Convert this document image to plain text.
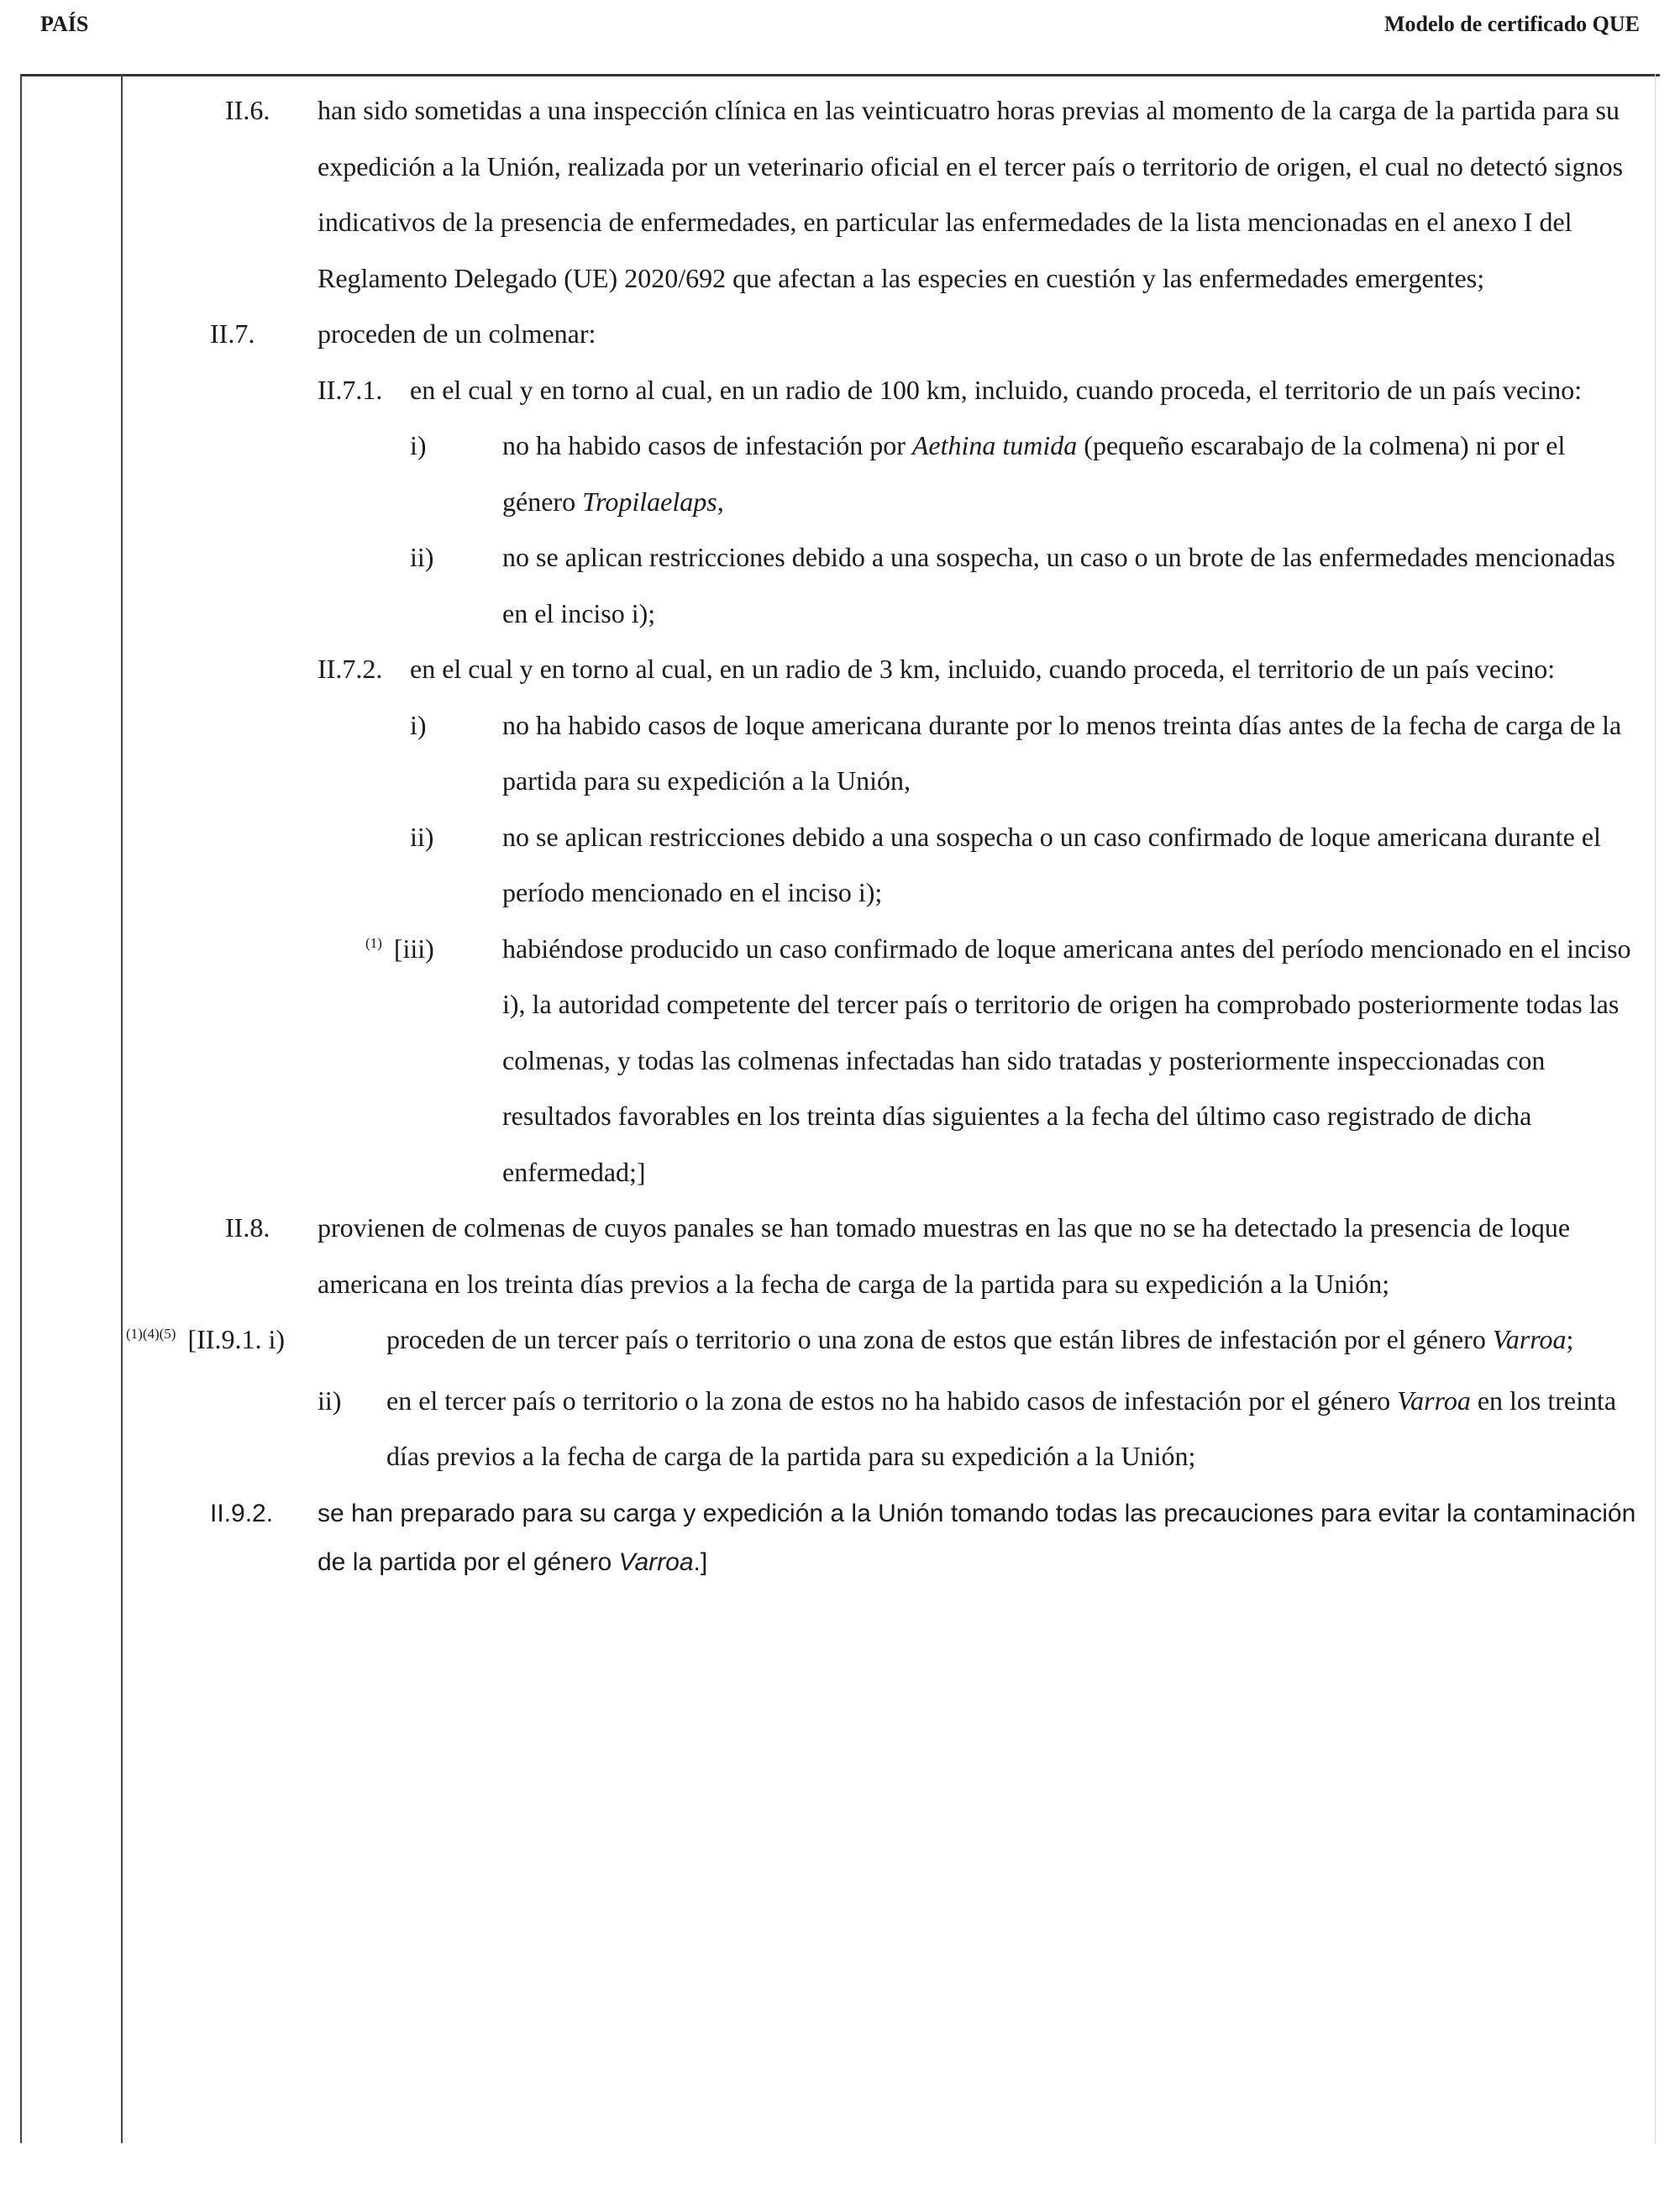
PAÍS	Modelo de certificado QUE
II.6.	han sido sometidas a una inspección clínica en las veinticuatro horas previas al momento de la carga de la partida para su expedición a la Unión, realizada por un veterinario oficial en el tercer país o territorio de origen, el cual no detectó signos indicativos de la presencia de enfermedades, en particular las enfermedades de la lista mencionadas en el anexo I del Reglamento Delegado (UE) 2020/692 que afectan a las especies en cuestión y las enfermedades emergentes;
II.7.	proceden de un colmenar:
II.7.1.	en el cual y en torno al cual, en un radio de 100 km, incluido, cuando proceda, el territorio de un país vecino:
i)	no ha habido casos de infestación por Aethina tumida (pequeño escarabajo de la colmena) ni por el género Tropilaelaps,
ii)	no se aplican restricciones debido a una sospecha, un caso o un brote de las enfermedades mencionadas en el inciso i);
II.7.2.	en el cual y en torno al cual, en un radio de 3 km, incluido, cuando proceda, el territorio de un país vecino:
i)	no ha habido casos de loque americana durante por lo menos treinta días antes de la fecha de carga de la partida para su expedición a la Unión,
ii)	no se aplican restricciones debido a una sospecha o un caso confirmado de loque americana durante el período mencionado en el inciso i);
$^{(1)}$ [iii)	habiéndose producido un caso confirmado de loque americana antes del período mencionado en el inciso i), la autoridad competente del tercer país o territorio de origen ha comprobado posteriormente todas las colmenas, y todas las colmenas infectadas han sido tratadas y posteriormente inspeccionadas con resultados favorables en los treinta días siguientes a la fecha del último caso registrado de dicha enfermedad;]
II.8.	provienen de colmenas de cuyos panales se han tomado muestras en las que no se ha detectado la presencia de loque americana en los treinta días previos a la fecha de carga de la partida para su expedición a la Unión;
$^{(1)(4)(5)}$ [II.9.1. i)	proceden de un tercer país o territorio o una zona de estos que están libres de infestación por el género Varroa;
ii)	en el tercer país o territorio o la zona de estos no ha habido casos de infestación por el género Varroa en los treinta días previos a la fecha de carga de la partida para su expedición a la Unión;
II.9.2.	se han preparado para su carga y expedición a la Unión tomando todas las precauciones para evitar la contaminación de la partida por el género Varroa.]
